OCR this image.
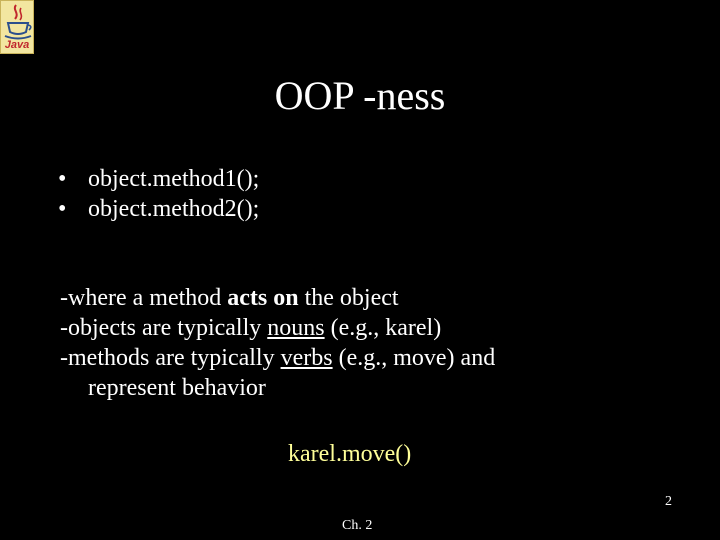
Java
OOP -ness
• object.method1();
• object.method2();
-where a method acts on the object
-objects are typically nouns (e.g., karel)
-methods are typically verbs (e.g., move) and
represent behavior
karel.move()
2
Ch. 2
